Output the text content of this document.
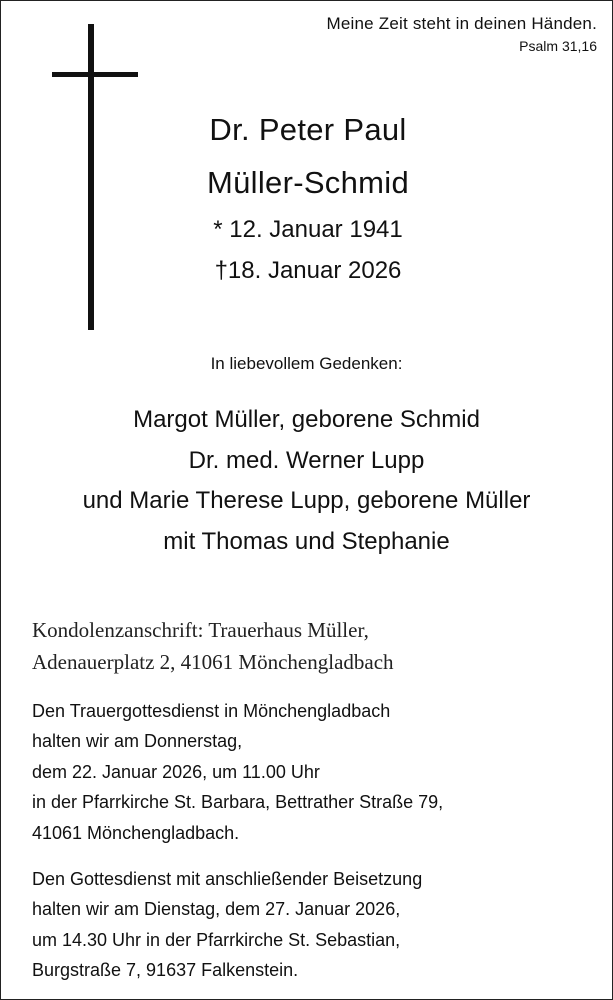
Meine Zeit steht in deinen Händen.
Psalm 31,16
Dr. Peter Paul
Müller-Schmid
* 12. Januar 1941
†18. Januar 2026
In liebevollem Gedenken:
Margot Müller, geborene Schmid
Dr. med. Werner Lupp
und Marie Therese Lupp, geborene Müller
mit Thomas und Stephanie
Kondolenzanschrift: Trauerhaus Müller,
Adenauerplatz 2, 41061 Mönchengladbach
Den Trauergottesdienst in Mönchengladbach
halten wir am Donnerstag,
dem 22. Januar 2026, um 11.00 Uhr
in der Pfarrkirche St. Barbara, Bettrather Straße 79,
41061 Mönchengladbach.
Den Gottesdienst mit anschließender Beisetzung
halten wir am Dienstag, dem 27. Januar 2026,
um 14.30 Uhr in der Pfarrkirche St. Sebastian,
Burgstraße 7, 91637 Falkenstein.
